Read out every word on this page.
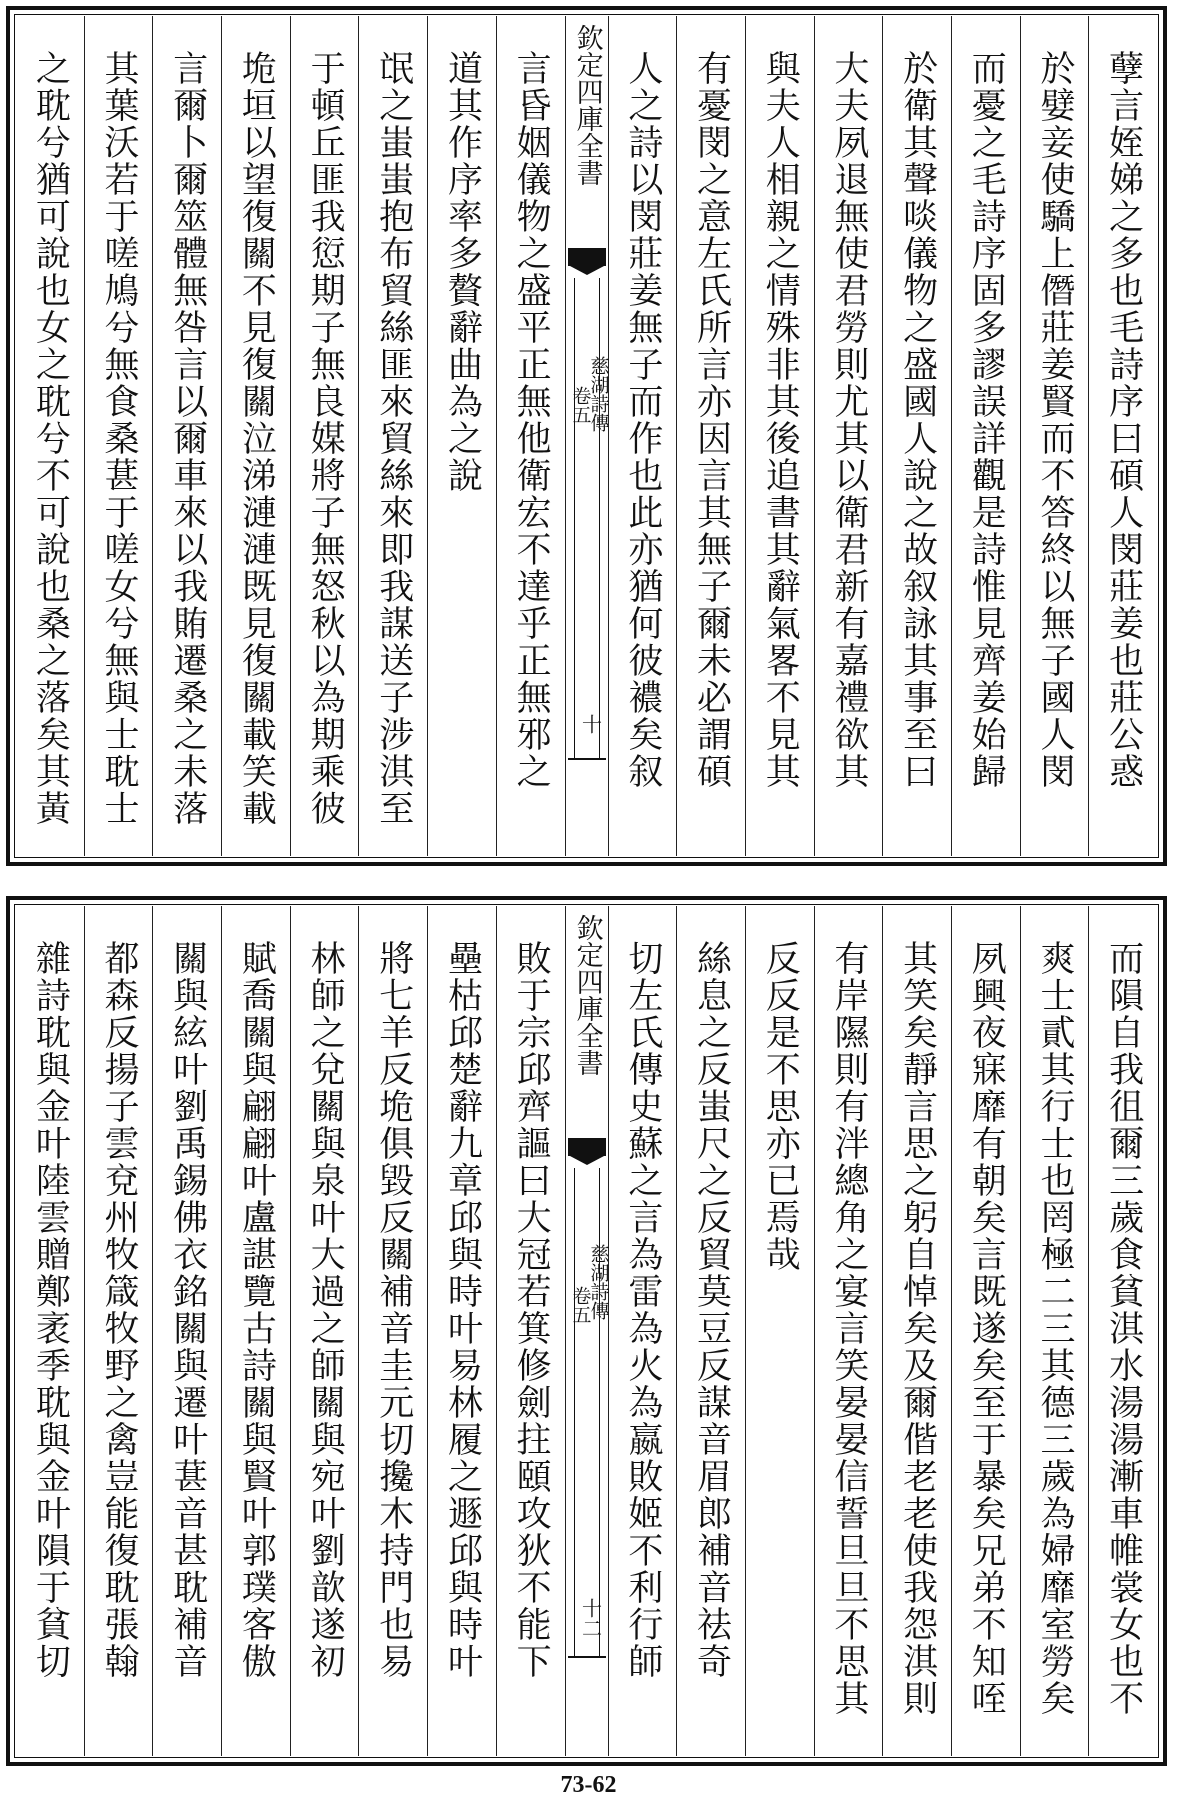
孽言姪娣之多也毛詩序曰碩人閔莊姜也莊公惑
於嬖妾使驕上僭莊姜賢而不答終以無子國人閔
而憂之毛詩序固多謬誤詳觀是詩惟見齊姜始歸
於衛其聲啖儀物之盛國人說之故叙詠其事至曰
大夫夙退無使君勞則尤其以衛君新有嘉禮欲其
與夫人相親之情殊非其後追書其辭氣畧不見其
有憂閔之意左氏所言亦因言其無子爾未必謂碩
人之詩以閔莊姜無子而作也此亦猶何彼襛矣叙
欽定四庫全書
慈湖詩傳
卷五
十
言昏姻儀物之盛平正無他衛宏不達乎正無邪之
道其作序率多贅辭曲為之說
氓之蚩蚩抱布貿絲匪來貿絲來即我謀送子涉淇至
于頓丘匪我愆期子無良媒將子無怒秋以為期乘彼
垝垣以望復關不見復關泣涕漣漣既見復關載笑載
言爾卜爾筮體無咎言以爾車來以我賄遷桑之未落
其葉沃若于嗟鳩兮無食桑葚于嗟女兮無與士耽士
之耽兮猶可說也女之耽兮不可說也桑之落矣其黃
而隕自我徂爾三歲食貧淇水湯湯漸車帷裳女也不
爽士貳其行士也罔極二三其德三歲為婦靡室勞矣
夙興夜寐靡有朝矣言既遂矣至于暴矣兄弟不知咥
其笑矣靜言思之躬自悼矣及爾偕老老使我怨淇則
有岸隰則有泮總角之宴言笑晏晏信誓旦旦不思其
反反是不思亦已焉哉
絲息之反蚩尺之反貿莫豆反謀音眉郎補音祛奇
切左氏傳史蘇之言為雷為火為嬴敗姬不利行師
欽定四庫全書
慈湖詩傳
卷五
十二
敗于宗邱齊謳曰大冠若箕修劍拄頤攻狄不能下
壘枯邱楚辭九章邱與時叶易林履之遯邱與時叶
將七羊反垝俱毀反關補音圭元切攙木持門也易
林師之兌關與泉叶大過之師關與宛叶劉歆遂初
賦喬關與翩翩叶盧諶覽古詩關與賢叶郭璞客傲
關與絃叶劉禹錫佛衣銘關與遷叶葚音甚耽補音
都森反揚子雲兗州牧箴牧野之禽豈能復耽張翰
雜詩耽與金叶陸雲贈鄭袤季耽與金叶隕于貧切
73-62
